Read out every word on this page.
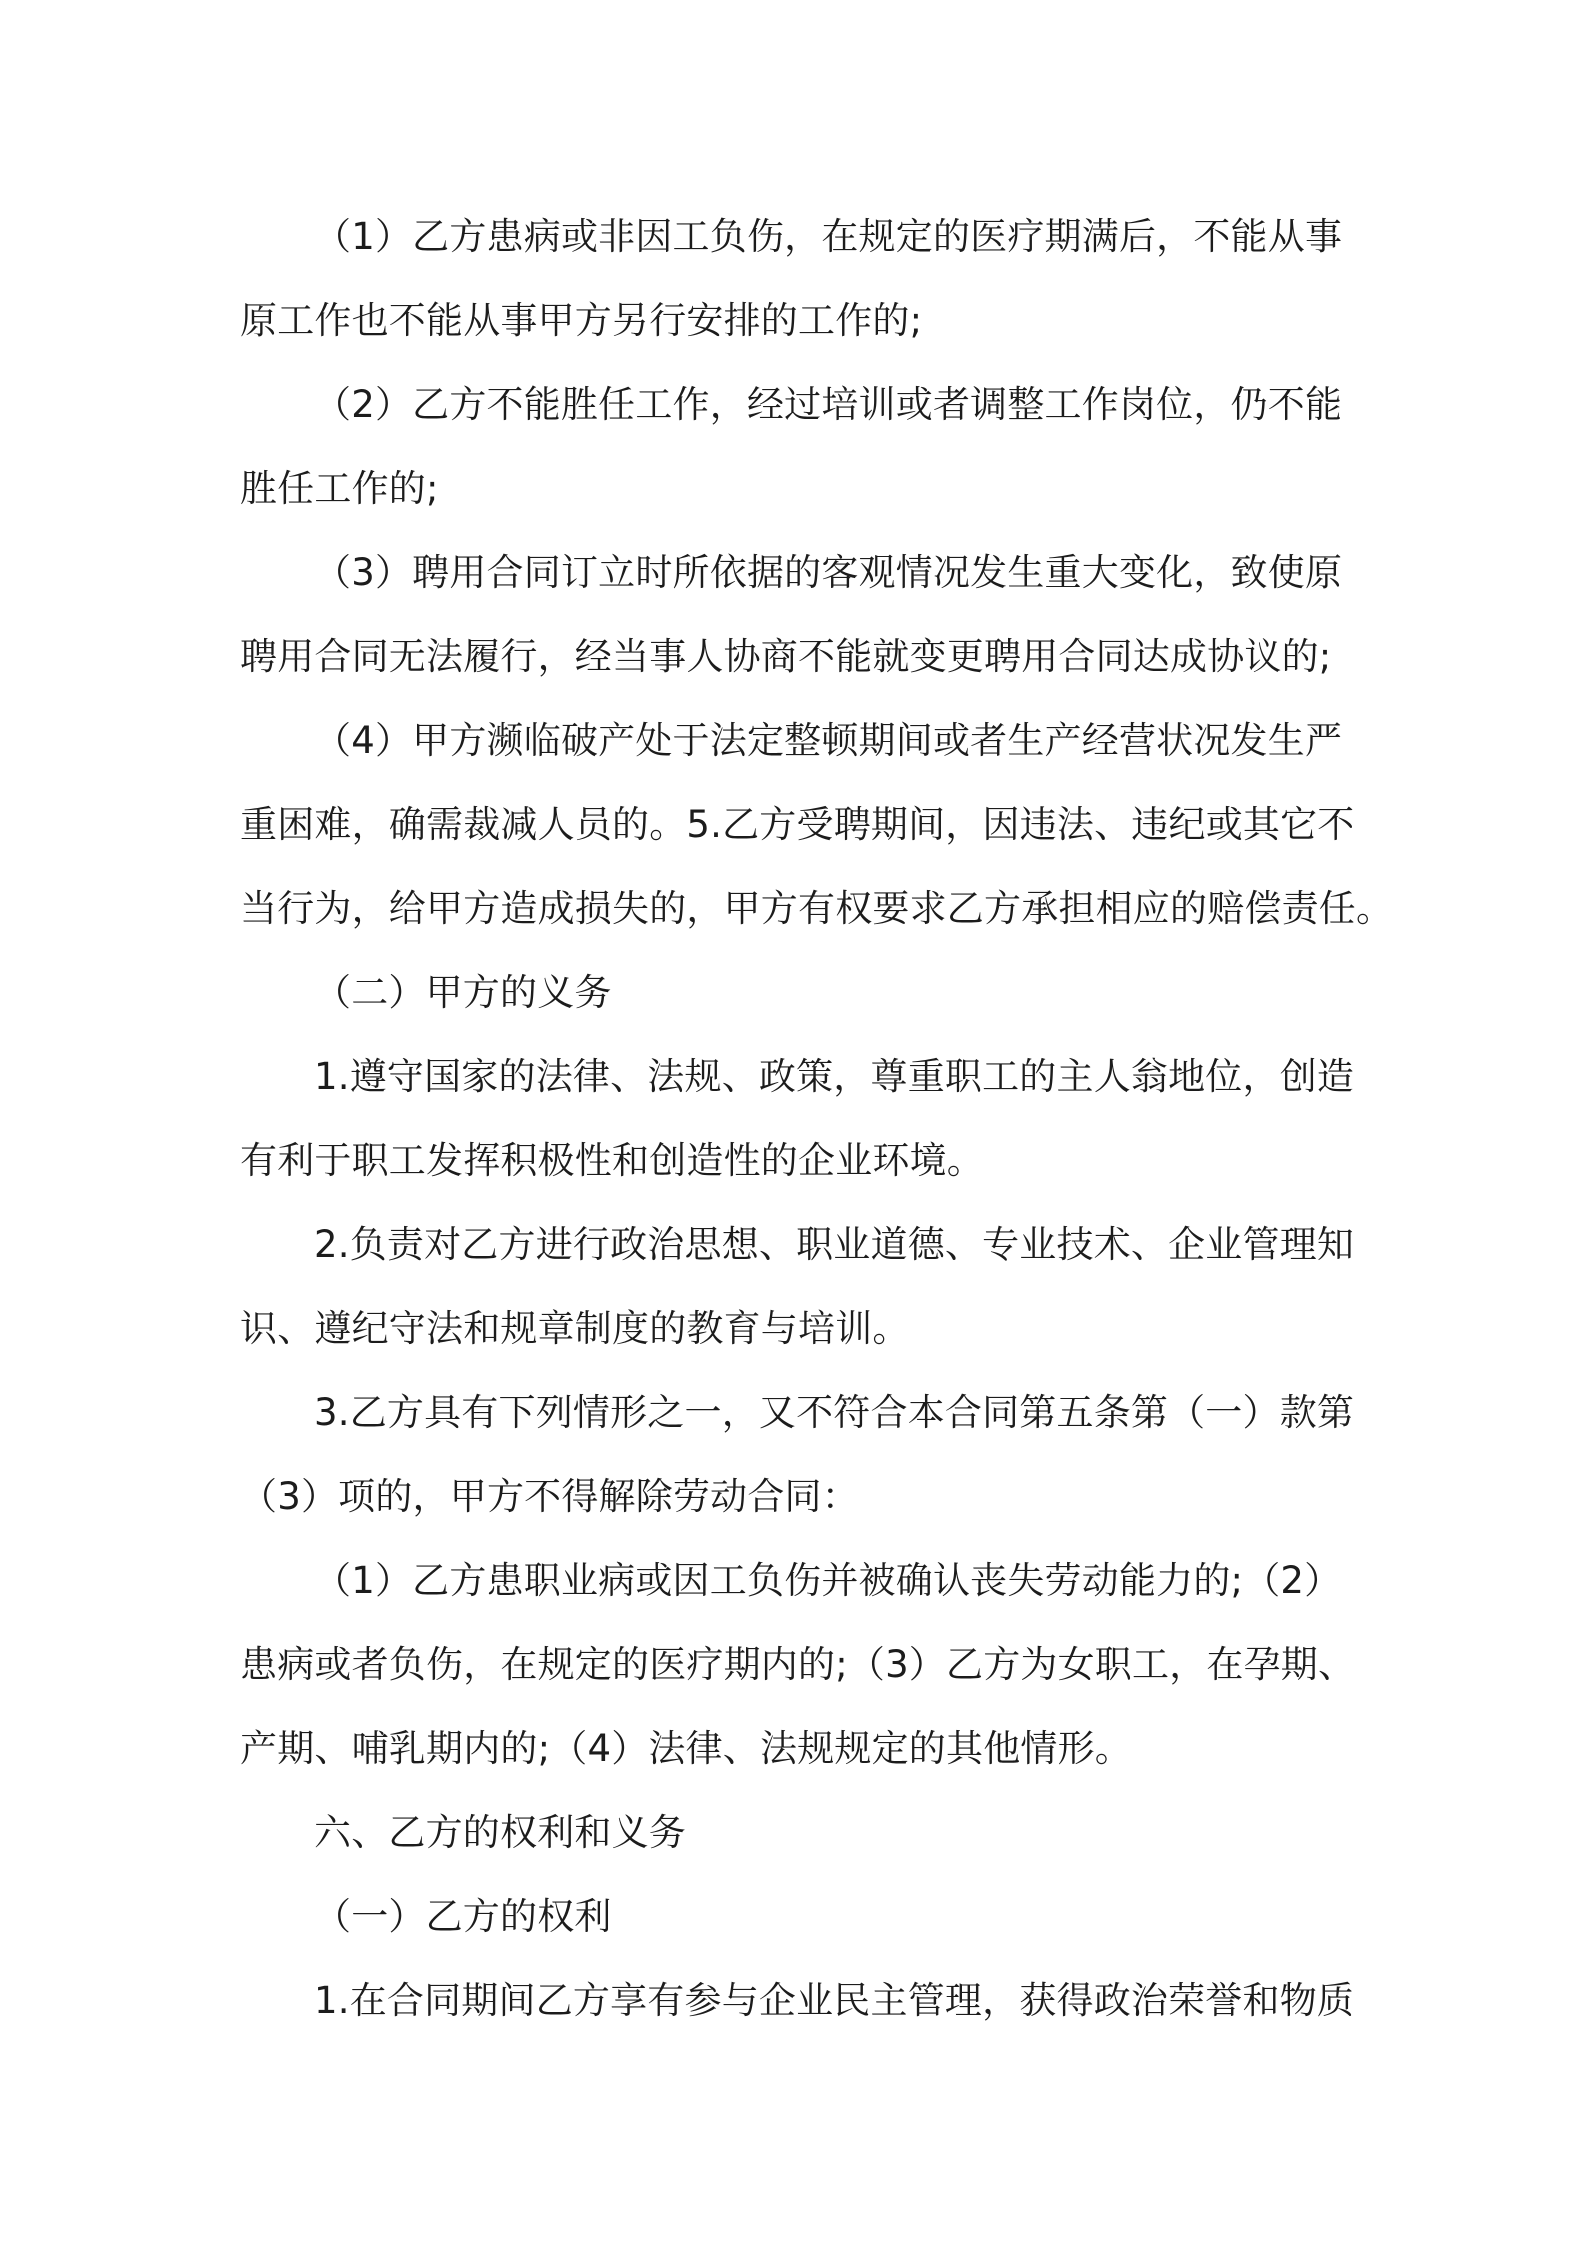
（1）乙方患病或非因工负伤，在规定的医疗期满后，不能从事
原工作也不能从事甲方另行安排的工作的;

（2）乙方不能胜任工作，经过培训或者调整工作岗位，仍不能
胜任工作的;

（3）聘用合同订立时所依据的客观情况发生重大变化，致使原
聘用合同无法履行，经当事人协商不能就变更聘用合同达成协议的;

（4）甲方濒临破产处于法定整顿期间或者生产经营状况发生严
重困难，确需裁减人员的。5.乙方受聘期间，因违法、违纪或其它不
当行为，给甲方造成损失的，甲方有权要求乙方承担相应的赔偿责任。

（二）甲方的义务

1.遵守国家的法律、法规、政策，尊重职工的主人翁地位，创造
有利于职工发挥积极性和创造性的企业环境。

2.负责对乙方进行政治思想、职业道德、专业技术、企业管理知
识、遵纪守法和规章制度的教育与培训。

3.乙方具有下列情形之一，又不符合本合同第五条第（一）款第
（3）项的，甲方不得解除劳动合同：

（1）乙方患职业病或因工负伤并被确认丧失劳动能力的;（2）
患病或者负伤，在规定的医疗期内的;（3）乙方为女职工，在孕期、
产期、哺乳期内的;（4）法律、法规规定的其他情形。

六、乙方的权利和义务

（一）乙方的权利

1.在合同期间乙方享有参与企业民主管理，获得政治荣誉和物质
